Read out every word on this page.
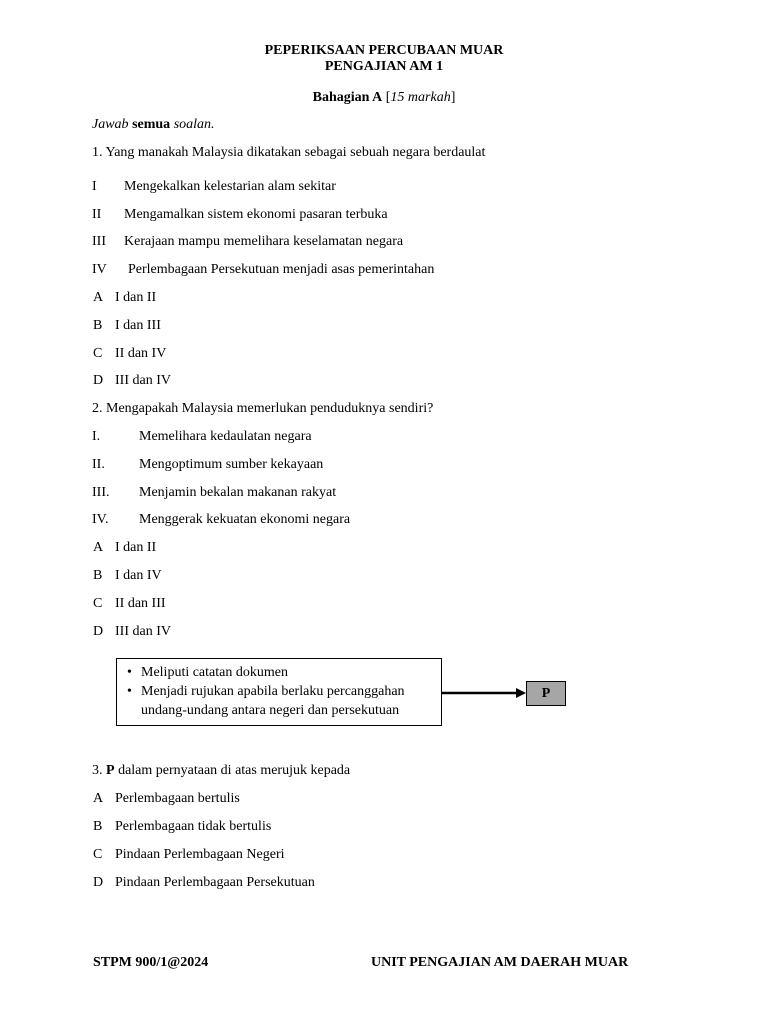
PEPERIKSAAN PERCUBAAN MUAR
PENGAJIAN AM 1
Bahagian A [15 markah]
Jawab semua soalan.
1. Yang manakah Malaysia dikatakan sebagai sebuah negara berdaulat
I Mengekalkan kelestarian alam sekitar
II Mengamalkan sistem ekonomi pasaran terbuka
III Kerajaan mampu memelihara keselamatan negara
IV Perlembagaan Persekutuan menjadi asas pemerintahan
A I dan II
B I dan III
C II dan IV
D III dan IV
2. Mengapakah Malaysia memerlukan penduduknya sendiri?
I.	Memelihara kedaulatan negara
II. Mengoptimum sumber kekayaan
III. Menjamin bekalan makanan rakyat
IV. Menggerak kekuatan ekonomi negara
A I dan II
B I dan IV
C II dan III
D III dan IV
• Meliputi catatan dokumen
• Menjadi rujukan apabila berlaku percanggahan
undang-undang antara negeri dan persekutuan
P
3. P dalam pernyataan di atas merujuk kepada
A Perlembagaan bertulis
B Perlembagaan tidak bertulis
C Pindaan Perlembagaan Negeri
D Pindaan Perlembagaan Persekutuan
STPM 900/1@2024	UNIT PENGAJIAN AM DAERAH MUAR
